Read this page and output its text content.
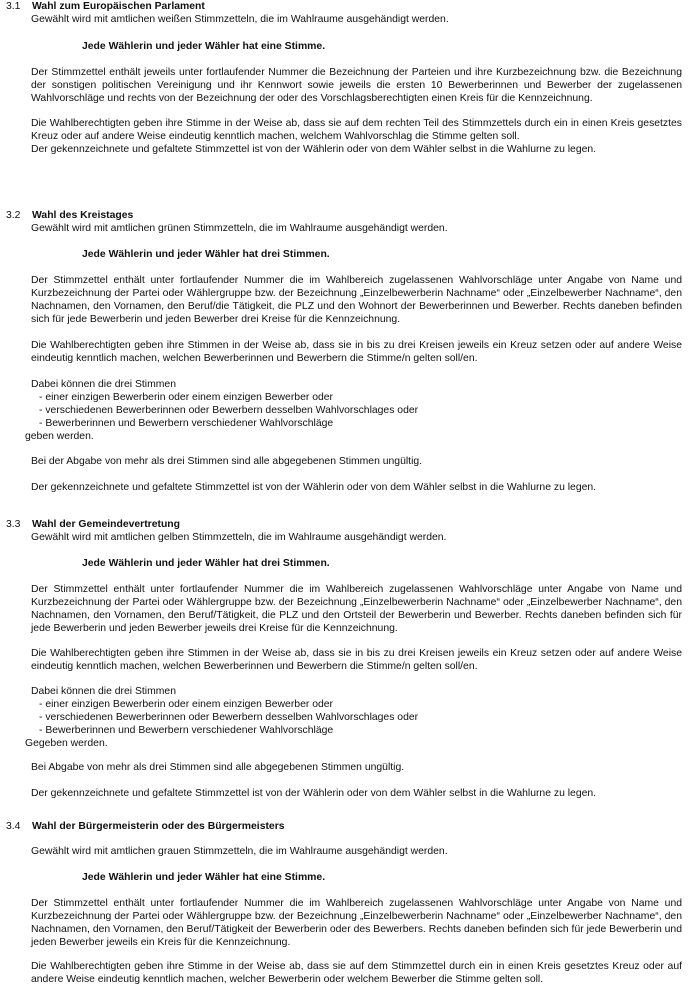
3.1 Wahl zum Europäischen Parlament

Gewählt wird mit amtlichen weißen Stimmzetteln, die im Wahlraume ausgehändigt werden.

Jede Wählerin und jeder Wähler hat eine Stimme.

Der Stimmzettel enthält jeweils unter fortlaufender Nummer die Bezeichnung der Parteien und ihre Kurzbezeichnung bzw. die Bezeichnung der sonstigen politischen Vereinigung und ihr Kennwort sowie jeweils die ersten 10 Bewerberinnen und Bewerber der zugelassenen Wahlvorschläge und rechts von der Bezeichnung der oder des Vorschlagsberechtigten einen Kreis für die Kennzeichnung.

Die Wahlberechtigten geben ihre Stimme in der Weise ab, dass sie auf dem rechten Teil des Stimmzettels durch ein in einen Kreis gesetztes Kreuz oder auf andere Weise eindeutig kenntlich machen, welchem Wahlvorschlag die Stimme gelten soll.

Der gekennzeichnete und gefaltete Stimmzettel ist von der Wählerin oder von dem Wähler selbst in die Wahlurne zu legen.

3.2 Wahl des Kreistages

Gewählt wird mit amtlichen grünen Stimmzetteln, die im Wahlraume ausgehändigt werden.

Jede Wählerin und jeder Wähler hat drei Stimmen.

Der Stimmzettel enthält unter fortlaufender Nummer die im Wahlbereich zugelassenen Wahlvorschläge unter Angabe von Name und Kurzbezeichnung der Partei oder Wählergruppe bzw. der Bezeichnung „Einzelbewerberin Nachname“ oder „Einzelbewerber Nachname“, den Nachnamen, den Vornamen, den Beruf/die Tätigkeit, die PLZ und den Wohnort der Bewerberinnen und Bewerber. Rechts daneben befinden sich für jede Bewerberin und jeden Bewerber drei Kreise für die Kennzeichnung.

Die Wahlberechtigten geben ihre Stimmen in der Weise ab, dass sie in bis zu drei Kreisen jeweils ein Kreuz setzen oder auf andere Weise eindeutig kenntlich machen, welchen Bewerberinnen und Bewerbern die Stimme/n gelten soll/en.

Dabei können die drei Stimmen

- einer einzigen Bewerberin oder einem einzigen Bewerber oder
- verschiedenen Bewerberinnen oder Bewerbern desselben Wahlvorschlages oder
- Bewerberinnen und Bewerbern verschiedener Wahlvorschläge

geben werden.

Bei der Abgabe von mehr als drei Stimmen sind alle abgegebenen Stimmen ungültig.

Der gekennzeichnete und gefaltete Stimmzettel ist von der Wählerin oder von dem Wähler selbst in die Wahlurne zu legen.

3.3 Wahl der Gemeindevertretung

Gewählt wird mit amtlichen gelben Stimmzetteln, die im Wahlraume ausgehändigt werden.

Jede Wählerin und jeder Wähler hat drei Stimmen.

Der Stimmzettel enthält unter fortlaufender Nummer die im Wahlbereich zugelassenen Wahlvorschläge unter Angabe von Name und Kurzbezeichnung der Partei oder Wählergruppe bzw. der Bezeichnung „Einzelbewerberin Nachname“ oder „Einzelbewerber Nachname“, den Nachnamen, den Vornamen, den Beruf/Tätigkeit, die PLZ und den Ortsteil der Bewerberin und Bewerber. Rechts daneben befinden sich für jede Bewerberin und jeden Bewerber jeweils drei Kreise für die Kennzeichnung.

Die Wahlberechtigten geben ihre Stimmen in der Weise ab, dass sie in bis zu drei Kreisen jeweils ein Kreuz setzen oder auf andere Weise eindeutig kenntlich machen, welchen Bewerberinnen und Bewerbern die Stimme/n gelten soll/en.

Dabei können die drei Stimmen

- einer einzigen Bewerberin oder einem einzigen Bewerber oder
- verschiedenen Bewerberinnen oder Bewerbern desselben Wahlvorschlages oder
- Bewerberinnen und Bewerbern verschiedener Wahlvorschläge

Gegeben werden.

Bei Abgabe von mehr als drei Stimmen sind alle abgegebenen Stimmen ungültig.

Der gekennzeichnete und gefaltete Stimmzettel ist von der Wählerin oder von dem Wähler selbst in die Wahlurne zu legen.

3.4 Wahl der Bürgermeisterin oder des Bürgermeisters

Gewählt wird mit amtlichen grauen Stimmzetteln, die im Wahlraume ausgehändigt werden.

Jede Wählerin und jeder Wähler hat eine Stimme.

Der Stimmzettel enthält unter fortlaufender Nummer die im Wahlbereich zugelassenen Wahlvorschläge unter Angabe von Name und Kurzbezeichnung der Partei oder Wählergruppe bzw. der Bezeichnung „Einzelbewerberin Nachname“ oder „Einzelbewerber Nachname“, den Nachnamen, den Vornamen, den Beruf/Tätigkeit der Bewerberin oder des Bewerbers. Rechts daneben befinden sich für jede Bewerberin und jeden Bewerber jeweils ein Kreis für die Kennzeichnung.

Die Wahlberechtigten geben ihre Stimme in der Weise ab, dass sie auf dem Stimmzettel durch ein in einen Kreis gesetztes Kreuz oder auf andere Weise eindeutig kenntlich machen, welcher Bewerberin oder welchem Bewerber die Stimme gelten soll.
